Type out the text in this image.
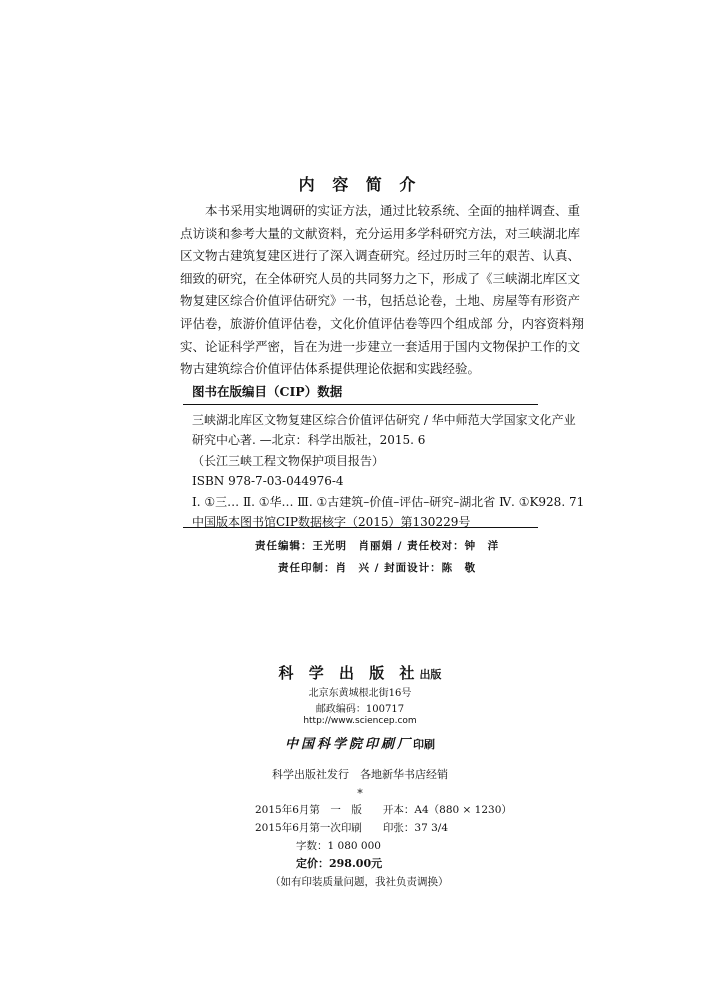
内 容 简 介
　　本书采用实地调研的实证方法，通过比较系统、全面的抽样调查、重
点访谈和参考大量的文献资料，充分运用多学科研究方法，对三峡湖北库
区文物古建筑复建区进行了深入调查研究。经过历时三年的艰苦、认真、
细致的研究，在全体研究人员的共同努力之下，形成了《三峡湖北库区文
物复建区综合价值评估研究》一书，包括总论卷，土地、房屋等有形资产
评估卷，旅游价值评估卷，文化价值评估卷等四个组成部 分，内容资料翔
实、论证科学严密，旨在为进一步建立一套适用于国内文物保护工作的文
物古建筑综合价值评估体系提供理论依据和实践经验。
图书在版编目（CIP）数据
三峡湖北库区文物复建区综合价值评估研究 / 华中师范大学国家文化产业
研究中心著. —北京：科学出版社，2015. 6
（长江三峡工程文物保护项目报告）
ISBN 978-7-03-044976-4
Ⅰ. ①三… Ⅱ. ①华… Ⅲ. ①古建筑–价值–评估–研究–湖北省 Ⅳ. ①K928. 71
中国版本图书馆CIP数据核字（2015）第130229号
责任编辑：王光明　肖丽娟 / 责任校对：钟　洋
责任印制：肖　兴 / 封面设计：陈　敬
科 学 出 版 社出版
北京东黄城根北街16号
邮政编码：100717
http://www.sciencep.com
中国科学院印刷厂印刷
科学出版社发行　各地新华书店经销
*
2015年6月第　一　版　　开本：A4（880 × 1230）
2015年6月第一次印刷　　印张：37 3/4
字数：1 080 000
定价：298.00元
（如有印装质量问题，我社负责调换）
